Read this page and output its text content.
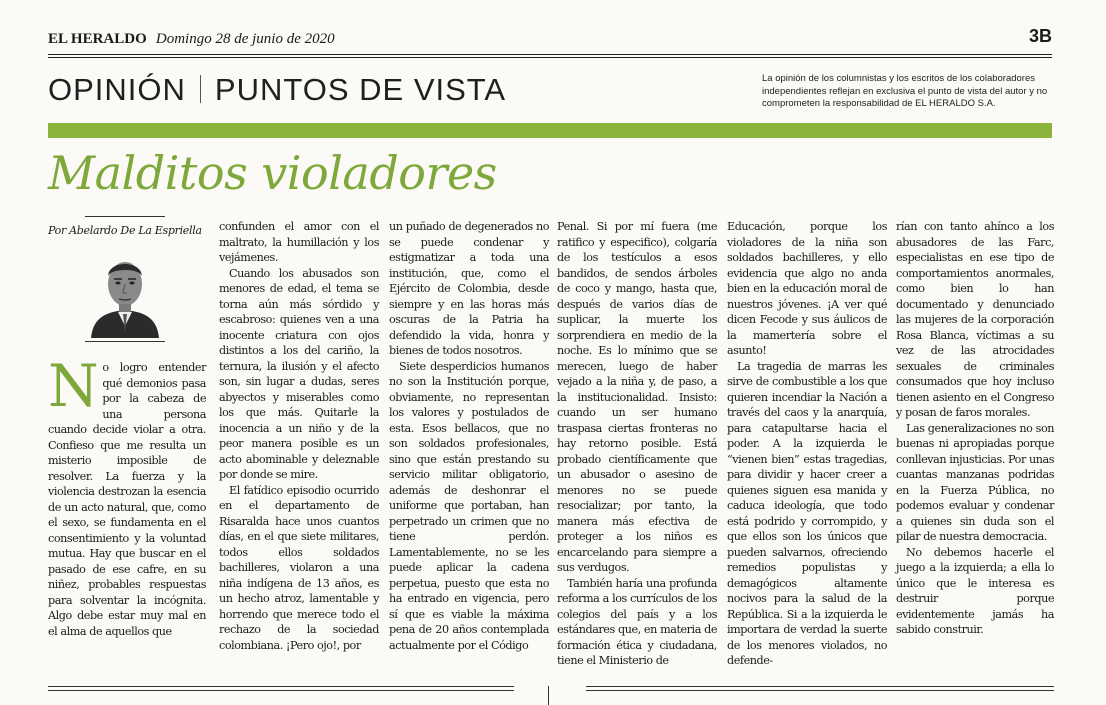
EL HERALDO Domingo 28 de junio de 2020	3B
OPINIÓN PUNTOS DE VISTA	La opinión de los columnistas y los escritos de los colaboradores independientes reflejan en exclusiva el punto de vista del autor y no comprometen la responsabilidad de EL HERALDO S.A.
Malditos violadores
Por Abelardo De La Espriella
N o logro entender qué demonios pasa por la cabeza de una persona cuando decide violar a otra. Confieso que me resulta un misterio imposible de resolver. La fuerza y la violencia destrozan la esencia de un acto natural, que, como el sexo, se fundamenta en el consentimiento y la voluntad mutua. Hay que buscar en el pasado de ese cafre, en su niñez, probables respuestas para solventar la incógnita. Algo debe estar muy mal en el alma de aquellos que

confunden el amor con el maltrato, la humillación y los vejámenes.

Cuando los abusados son menores de edad, el tema se torna aún más sórdido y escabroso: quienes ven a una inocente criatura con ojos distintos a los del cariño, la ternura, la ilusión y el afecto son, sin lugar a dudas, seres abyectos y miserables como los que más. Quitarle la inocencia a un niño y de la peor manera posible es un acto abominable y deleznable por donde se mire.

El fatídico episodio ocurrido en el departamento de Risaralda hace unos cuantos días, en el que siete militares, todos ellos soldados bachilleres, violaron a una niña indígena de 13 años, es un hecho atroz, lamentable y horrendo que merece todo el rechazo de la sociedad colombiana. ¡Pero ojo!, por

un puñado de degenerados no se puede condenar y estigmatizar a toda una institución, que, como el Ejército de Colombia, desde siempre y en las horas más oscuras de la Patria ha defendido la vida, honra y bienes de todos nosotros.

Siete desperdicios humanos no son la Institución porque, obviamente, no representan los valores y postulados de esta. Esos bellacos, que no son soldados profesionales, sino que están prestando su servicio militar obligatorio, además de deshonrar el uniforme que portaban, han perpetrado un crimen que no tiene perdón. Lamentablemente, no se les puede aplicar la cadena perpetua, puesto que esta no ha entrado en vigencia, pero sí que es viable la máxima pena de 20 años contemplada actualmente por el Código

Penal. Si por mí fuera (me ratifico y especifico), colgaría de los testículos a esos bandidos, de sendos árboles de coco y mango, hasta que, después de varios días de suplicar, la muerte los sorprendiera en medio de la noche. Es lo mínimo que se merecen, luego de haber vejado a la niña y, de paso, a la institucionalidad. Insisto: cuando un ser humano traspasa ciertas fronteras no hay retorno posible. Está probado científicamente que un abusador o asesino de menores no se puede resocializar; por tanto, la manera más efectiva de proteger a los niños es encarcelando para siempre a sus verdugos.

También haría una profunda reforma a los currículos de los colegios del país y a los estándares que, en materia de formación ética y ciudadana, tiene el Ministerio de

Educación, porque los violadores de la niña son soldados bachilleres, y ello evidencia que algo no anda bien en la educación moral de nuestros jóvenes. ¡A ver qué dicen Fecode y sus áulicos de la mamertería sobre el asunto!

La tragedia de marras les sirve de combustible a los que quieren incendiar la Nación a través del caos y la anarquía, para catapultarse hacia el poder. A la izquierda le “vienen bien” estas tragedias, para dividir y hacer creer a quienes siguen esa manida y caduca ideología, que todo está podrido y corrompido, y que ellos son los únicos que pueden salvarnos, ofreciendo remedios populistas y demagógicos altamente nocivos para la salud de la República. Si a la izquierda le importara de verdad la suerte de los menores violados, no defende-

rían con tanto ahínco a los abusadores de las Farc, especialistas en ese tipo de comportamientos anormales, como bien lo han documentado y denunciado las mujeres de la corporación Rosa Blanca, víctimas a su vez de las atrocidades sexuales de criminales consumados que hoy incluso tienen asiento en el Congreso y posan de faros morales.

Las generalizaciones no son buenas ni apropiadas porque conllevan injusticias. Por unas cuantas manzanas podridas en la Fuerza Pública, no podemos evaluar y condenar a quienes sin duda son el pilar de nuestra democracia.

No debemos hacerle el juego a la izquierda; a ella lo único que le interesa es destruir porque evidentemente jamás ha sabido construir.
